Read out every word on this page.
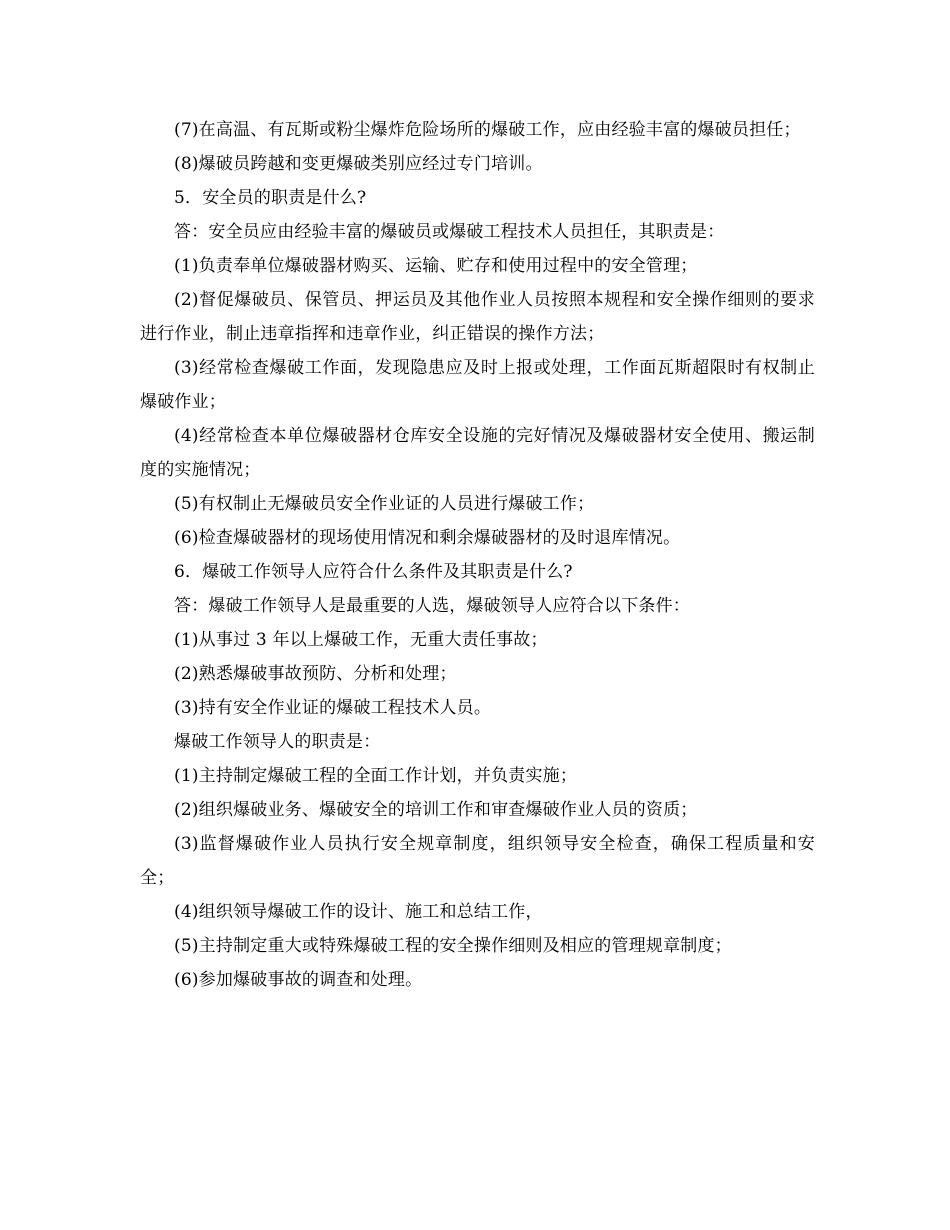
(7)在高温、有瓦斯或粉尘爆炸危险场所的爆破工作，应由经验丰富的爆破员担任；

(8)爆破员跨越和变更爆破类别应经过专门培训。

5．安全员的职责是什么?

答：安全员应由经验丰富的爆破员或爆破工程技术人员担任，其职责是：

(1)负责奉单位爆破器材购买、运输、贮存和使用过程中的安全管理；

(2)督促爆破员、保管员、押运员及其他作业人员按照本规程和安全操作细则的要求进行作业，制止违章指挥和违章作业，纠正错误的操作方法；

(3)经常检查爆破工作面，发现隐患应及时上报或处理，工作面瓦斯超限时有权制止爆破作业；

(4)经常检查本单位爆破器材仓库安全设施的完好情况及爆破器材安全使用、搬运制度的实施情况；

(5)有权制止无爆破员安全作业证的人员进行爆破工作；

(6)检查爆破器材的现场使用情况和剩余爆破器材的及时退库情况。

6．爆破工作领导人应符合什么条件及其职责是什么?

答：爆破工作领导人是最重要的人选，爆破领导人应符合以下条件：

(1)从事过 3 年以上爆破工作，无重大责任事故；

(2)熟悉爆破事故预防、分析和处理；

(3)持有安全作业证的爆破工程技术人员。

爆破工作领导人的职责是：

(1)主持制定爆破工程的全面工作计划，并负责实施；

(2)组织爆破业务、爆破安全的培训工作和审查爆破作业人员的资质；

(3)监督爆破作业人员执行安全规章制度，组织领导安全检查，确保工程质量和安全；

(4)组织领导爆破工作的设计、施工和总结工作，

(5)主持制定重大或特殊爆破工程的安全操作细则及相应的管理规章制度；

(6)参加爆破事故的调查和处理。
